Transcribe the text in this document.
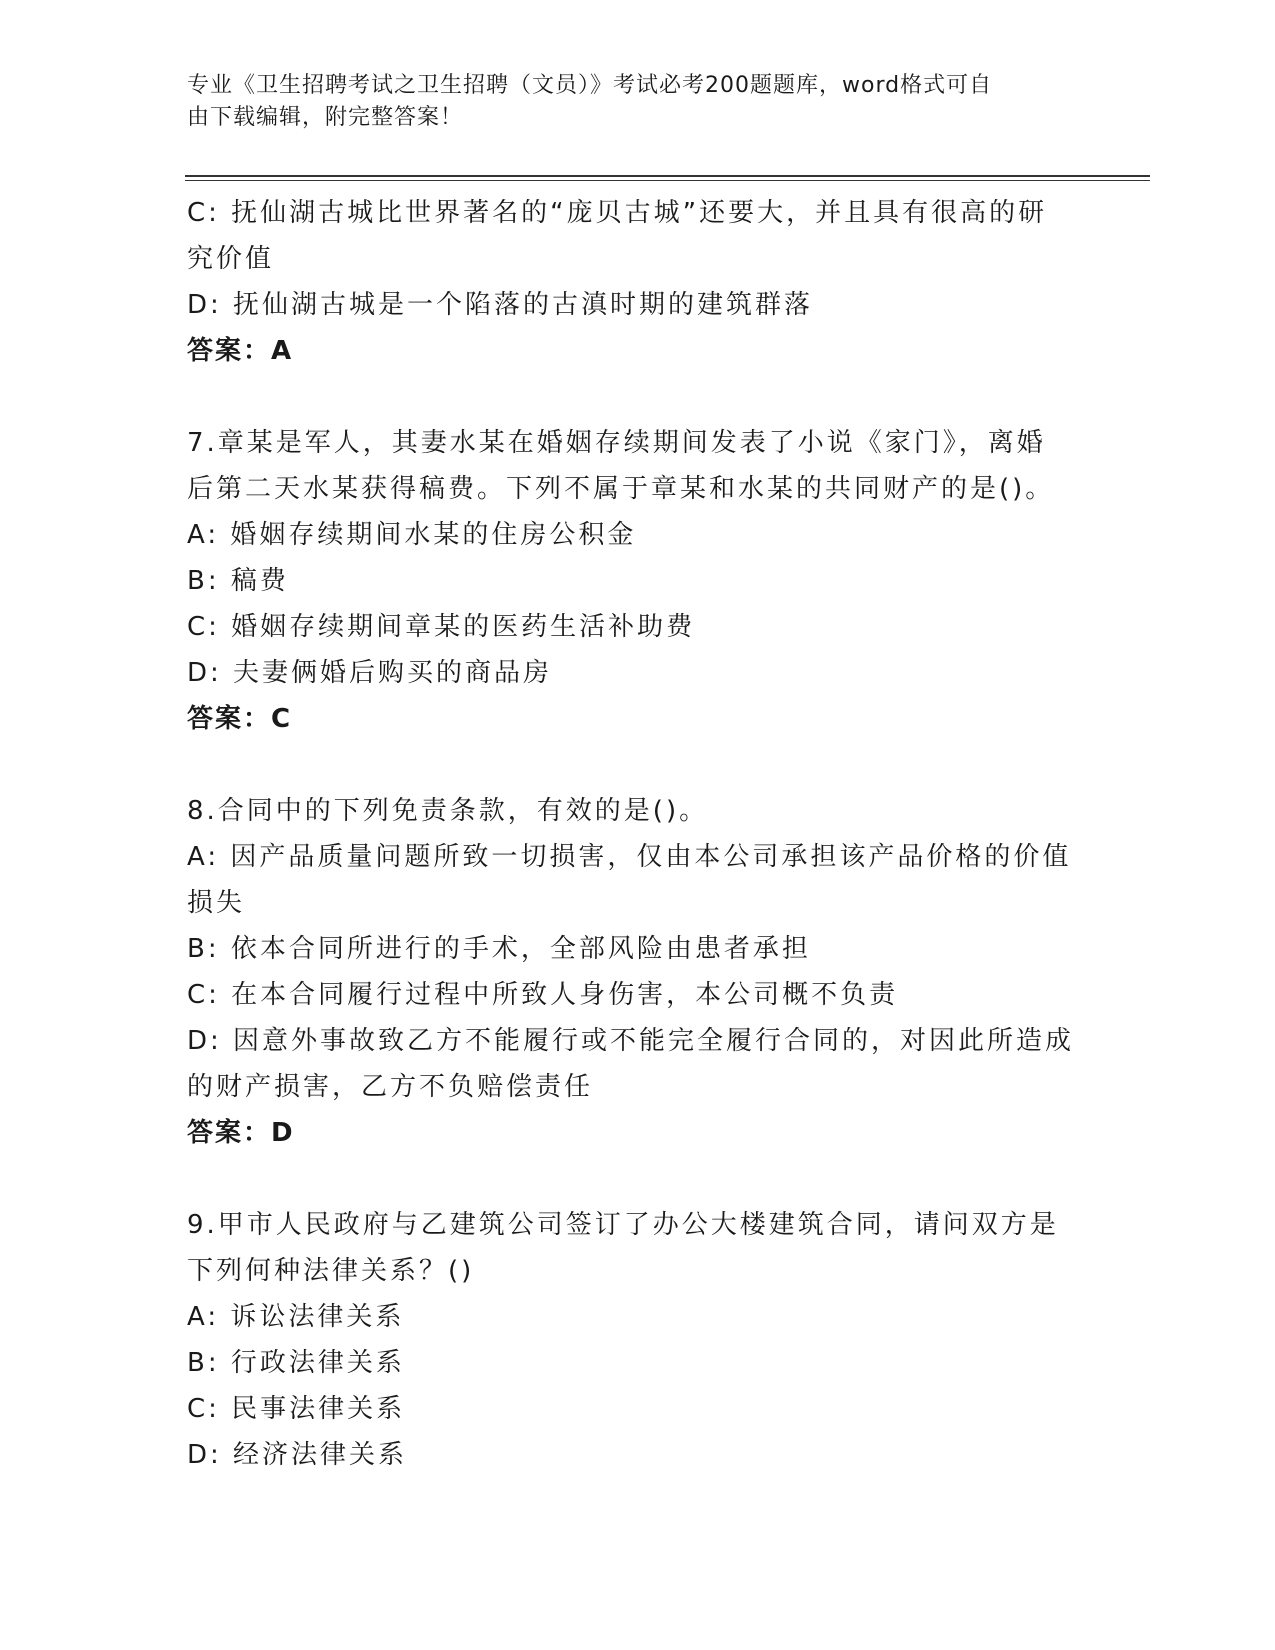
专业《卫生招聘考试之卫生招聘（文员）》考试必考200题题库，word格式可自

由下载编辑，附完整答案！

C: 抚仙湖古城比世界著名的“庞贝古城”还要大，并且具有很高的研

究价值

D: 抚仙湖古城是一个陷落的古滇时期的建筑群落

答案：A

7.章某是军人，其妻水某在婚姻存续期间发表了小说《家门》，离婚

后第二天水某获得稿费。下列不属于章某和水某的共同财产的是()。

A: 婚姻存续期间水某的住房公积金

B: 稿费

C: 婚姻存续期间章某的医药生活补助费

D: 夫妻俩婚后购买的商品房

答案：C

8.合同中的下列免责条款，有效的是()。

A: 因产品质量问题所致一切损害，仅由本公司承担该产品价格的价值

损失

B: 依本合同所进行的手术，全部风险由患者承担

C: 在本合同履行过程中所致人身伤害，本公司概不负责

D: 因意外事故致乙方不能履行或不能完全履行合同的，对因此所造成

的财产损害，乙方不负赔偿责任

答案：D

9.甲市人民政府与乙建筑公司签订了办公大楼建筑合同，请问双方是

下列何种法律关系？()

A: 诉讼法律关系

B: 行政法律关系

C: 民事法律关系

D: 经济法律关系
